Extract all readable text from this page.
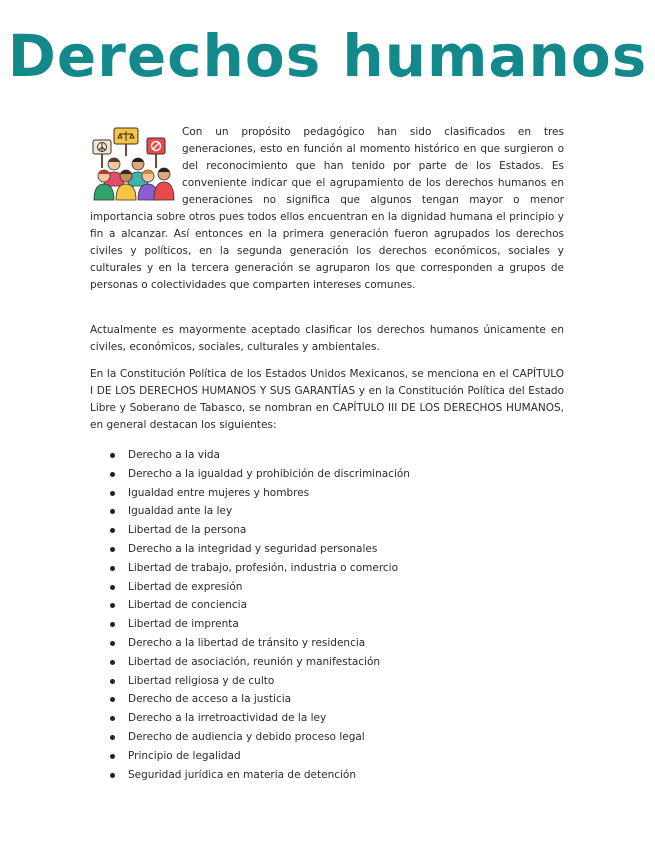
Derechos humanos

Con un propósito pedagógico han sido clasificados en tres generaciones, esto en función al momento histórico en que surgieron o del reconocimiento que han tenido por parte de los Estados. Es conveniente indicar que el agrupamiento de los derechos humanos en generaciones no significa que algunos tengan mayor o menor importancia sobre otros pues todos ellos encuentran en la dignidad humana el principio y fin a alcanzar. Así entonces en la primera generación fueron agrupados los derechos civiles y políticos, en la segunda generación los derechos económicos, sociales y culturales y en la tercera generación se agruparon los que corresponden a grupos de personas o colectividades que comparten intereses comunes.

Actualmente es mayormente aceptado clasificar los derechos humanos únicamente en civiles, económicos, sociales, culturales y ambientales.

En la Constitución Política de los Estados Unidos Mexicanos, se menciona en el CAPÍTULO I DE LOS DERECHOS HUMANOS Y SUS GARANTÍAS y en la Constitución Política del Estado Libre y Soberano de Tabasco, se nombran en CAPÍTULO III DE LOS DERECHOS HUMANOS, en general destacan los siguientes:

Derecho a la vida
Derecho a la igualdad y prohibición de discriminación
Igualdad entre mujeres y hombres
Igualdad ante la ley
Libertad de la persona
Derecho a la integridad y seguridad personales
Libertad de trabajo, profesión, industria o comercio
Libertad de expresión
Libertad de conciencia
Libertad de imprenta
Derecho a la libertad de tránsito y residencia
Libertad de asociación, reunión y manifestación
Libertad religiosa y de culto
Derecho de acceso a la justicia
Derecho a la irretroactividad de la ley
Derecho de audiencia y debido proceso legal
Principio de legalidad
Seguridad jurídica en materia de detención
